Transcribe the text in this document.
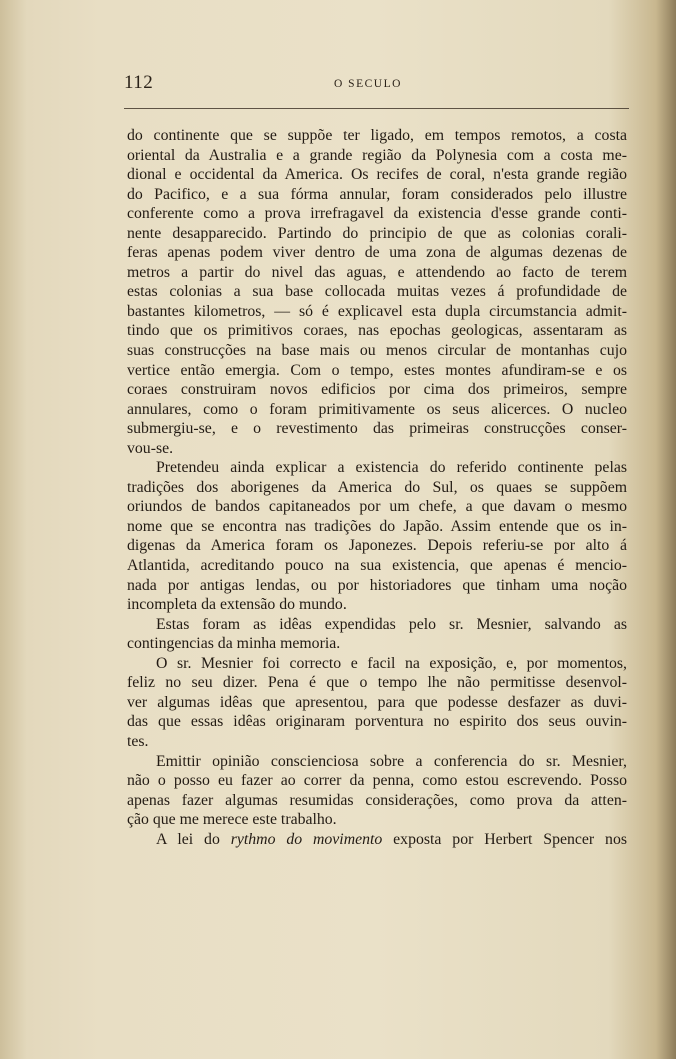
112	O SECULO
do continente que se suppõe ter ligado, em tempos remotos, a costa
oriental da Australia e a grande região da Polynesia com a costa me-
dional e occidental da America. Os recifes de coral, n'esta grande região
do Pacifico, e a sua fórma annular, foram considerados pelo illustre
conferente como a prova irrefragavel da existencia d'esse grande conti-
nente desapparecido. Partindo do principio de que as colonias corali-
feras apenas podem viver dentro de uma zona de algumas dezenas de
metros a partir do nivel das aguas, e attendendo ao facto de terem
estas colonias a sua base collocada muitas vezes á profundidade de
bastantes kilometros, — só é explicavel esta dupla circumstancia admit-
tindo que os primitivos coraes, nas epochas geologicas, assentaram as
suas construcções na base mais ou menos circular de montanhas cujo
vertice então emergia. Com o tempo, estes montes afundiram-se e os
coraes construiram novos edificios por cima dos primeiros, sempre
annulares, como o foram primitivamente os seus alicerces. O nucleo
submergiu-se, e o revestimento das primeiras construcções conser-
vou-se.
Pretendeu ainda explicar a existencia do referido continente pelas
tradições dos aborigenes da America do Sul, os quaes se suppõem
oriundos de bandos capitaneados por um chefe, a que davam o mesmo
nome que se encontra nas tradições do Japão. Assim entende que os in-
digenas da America foram os Japonezes. Depois referiu-se por alto á
Atlantida, acreditando pouco na sua existencia, que apenas é mencio-
nada por antigas lendas, ou por historiadores que tinham uma noção
incompleta da extensão do mundo.
Estas foram as idêas expendidas pelo sr. Mesnier, salvando as
contingencias da minha memoria.
O sr. Mesnier foi correcto e facil na exposição, e, por momentos,
feliz no seu dizer. Pena é que o tempo lhe não permitisse desenvol-
ver algumas idêas que apresentou, para que podesse desfazer as duvi-
das que essas idêas originaram porventura no espirito dos seus ouvin-
tes.
Emittir opinião conscienciosa sobre a conferencia do sr. Mesnier,
não o posso eu fazer ao correr da penna, como estou escrevendo. Posso
apenas fazer algumas resumidas considerações, como prova da atten-
ção que me merece este trabalho.
A lei do rythmo do movimento exposta por Herbert Spencer nos
